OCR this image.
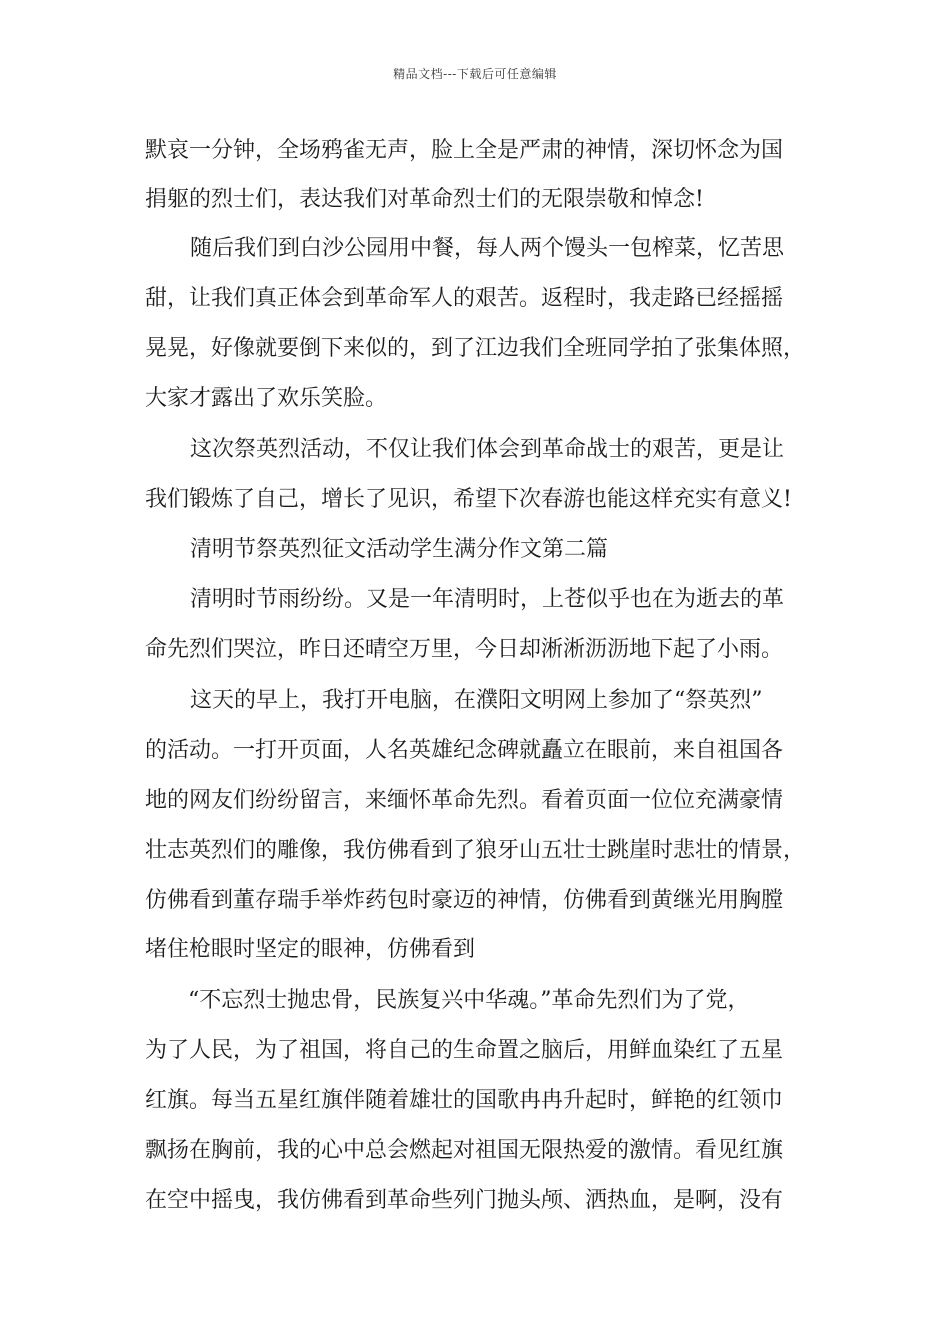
精品文档---下载后可任意编辑
默哀一分钟，全场鸦雀无声，脸上全是严肃的神情，深切怀念为国
捐躯的烈士们，表达我们对革命烈士们的无限崇敬和悼念!
随后我们到白沙公园用中餐，每人两个馒头一包榨菜，忆苦思
甜，让我们真正体会到革命军人的艰苦。返程时，我走路已经摇摇
晃晃，好像就要倒下来似的，到了江边我们全班同学拍了张集体照，
大家才露出了欢乐笑脸。
这次祭英烈活动，不仅让我们体会到革命战士的艰苦，更是让
我们锻炼了自己，增长了见识，希望下次春游也能这样充实有意义!
清明节祭英烈征文活动学生满分作文第二篇
清明时节雨纷纷。又是一年清明时，上苍似乎也在为逝去的革
命先烈们哭泣，昨日还晴空万里，今日却淅淅沥沥地下起了小雨。
这天的早上，我打开电脑，在濮阳文明网上参加了“祭英烈”
的活动。一打开页面，人名英雄纪念碑就矗立在眼前，来自祖国各
地的网友们纷纷留言，来缅怀革命先烈。看着页面一位位充满豪情
壮志英烈们的雕像，我仿佛看到了狼牙山五壮士跳崖时悲壮的情景，
仿佛看到董存瑞手举炸药包时豪迈的神情，仿佛看到黄继光用胸膛
堵住枪眼时坚定的眼神，仿佛看到
“不忘烈士抛忠骨，民族复兴中华魂。”革命先烈们为了党，
为了人民，为了祖国，将自己的生命置之脑后，用鲜血染红了五星
红旗。每当五星红旗伴随着雄壮的国歌冉冉升起时，鲜艳的红领巾
飘扬在胸前，我的心中总会燃起对祖国无限热爱的激情。看见红旗
在空中摇曳，我仿佛看到革命些列门抛头颅、洒热血，是啊，没有
